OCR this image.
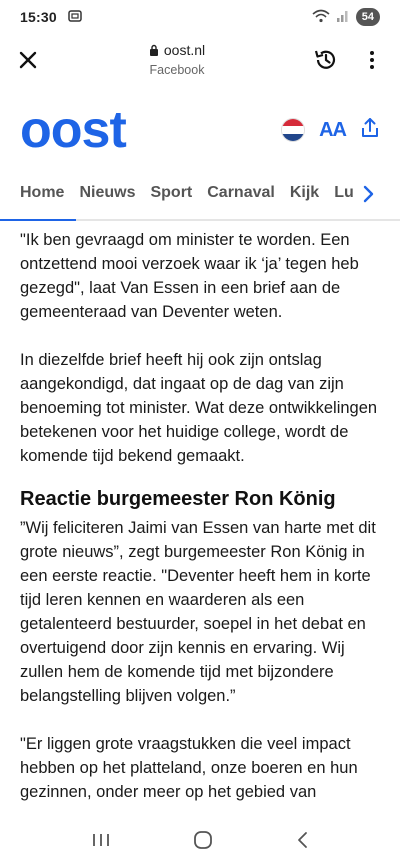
15:30	54
oost.nl
Facebook
oost	AA
Home Nieuws Sport Carnaval Kijk Lu

"Ik ben gevraagd om minister te worden. Een ontzettend mooi verzoek waar ik ‘ja’ tegen heb gezegd", laat Van Essen in een brief aan de gemeenteraad van Deventer weten.

In diezelfde brief heeft hij ook zijn ontslag aangekondigd, dat ingaat op de dag van zijn benoeming tot minister. Wat deze ontwikkelingen betekenen voor het huidige college, wordt de komende tijd bekend gemaakt.

Reactie burgemeester Ron König

”Wij feliciteren Jaimi van Essen van harte met dit grote nieuws”, zegt burgemeester Ron König in een eerste reactie. "Deventer heeft hem in korte tijd leren kennen en waarderen als een getalenteerd bestuurder, soepel in het debat en overtuigend door zijn kennis en ervaring. Wij zullen hem de komende tijd met bijzondere belangstelling blijven volgen.”

"Er liggen grote vraagstukken die veel impact hebben op het platteland, onze boeren en hun gezinnen, onder meer op het gebied van
